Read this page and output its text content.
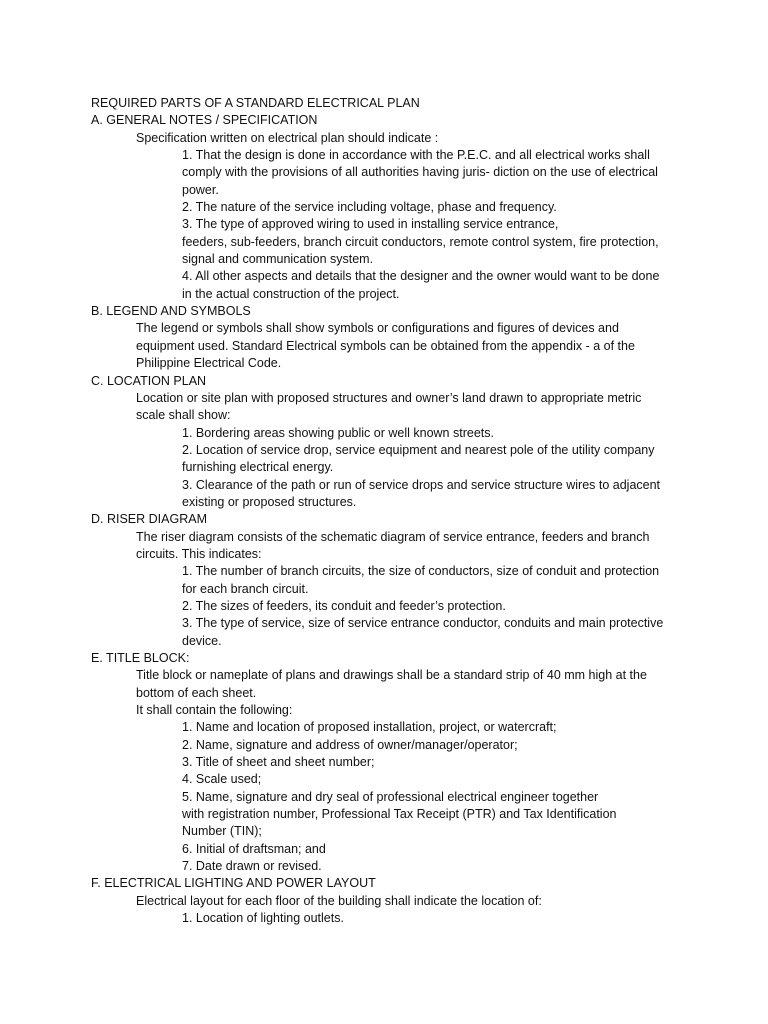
REQUIRED PARTS OF A STANDARD ELECTRICAL PLAN
A. GENERAL NOTES / SPECIFICATION
Specification written on electrical plan should indicate :
1. That the design is done in accordance with the P.E.C. and all electrical works shall
comply with the provisions of all authorities having juris- diction on the use of electrical
power.
2. The nature of the service including voltage, phase and frequency.
3. The type of approved wiring to used in installing service entrance,
feeders, sub-feeders, branch circuit conductors, remote control system, fire protection,
signal and communication system.
4. All other aspects and details that the designer and the owner would want to be done
in the actual construction of the project.
B. LEGEND AND SYMBOLS
The legend or symbols shall show symbols or configurations and figures of devices and
equipment used. Standard Electrical symbols can be obtained from the appendix - a of the
Philippine Electrical Code.
C. LOCATION PLAN
Location or site plan with proposed structures and owner’s land drawn to appropriate metric
scale shall show:
1. Bordering areas showing public or well known streets.
2. Location of service drop, service equipment and nearest pole of the utility company
furnishing electrical energy.
3. Clearance of the path or run of service drops and service structure wires to adjacent
existing or proposed structures.
D. RISER DIAGRAM
The riser diagram consists of the schematic diagram of service entrance, feeders and branch
circuits. This indicates:
1. The number of branch circuits, the size of conductors, size of conduit and protection
for each branch circuit.
2. The sizes of feeders, its conduit and feeder’s protection.
3. The type of service, size of service entrance conductor, conduits and main protective
device.
E. TITLE BLOCK:
Title block or nameplate of plans and drawings shall be a standard strip of 40 mm high at the
bottom of each sheet.
It shall contain the following:
1. Name and location of proposed installation, project, or watercraft;
2. Name, signature and address of owner/manager/operator;
3. Title of sheet and sheet number;
4. Scale used;
5. Name, signature and dry seal of professional electrical engineer together
with registration number, Professional Tax Receipt (PTR) and Tax Identification
Number (TIN);
6. Initial of draftsman; and
7. Date drawn or revised.
F. ELECTRICAL LIGHTING AND POWER LAYOUT
Electrical layout for each floor of the building shall indicate the location of:
1. Location of lighting outlets.
